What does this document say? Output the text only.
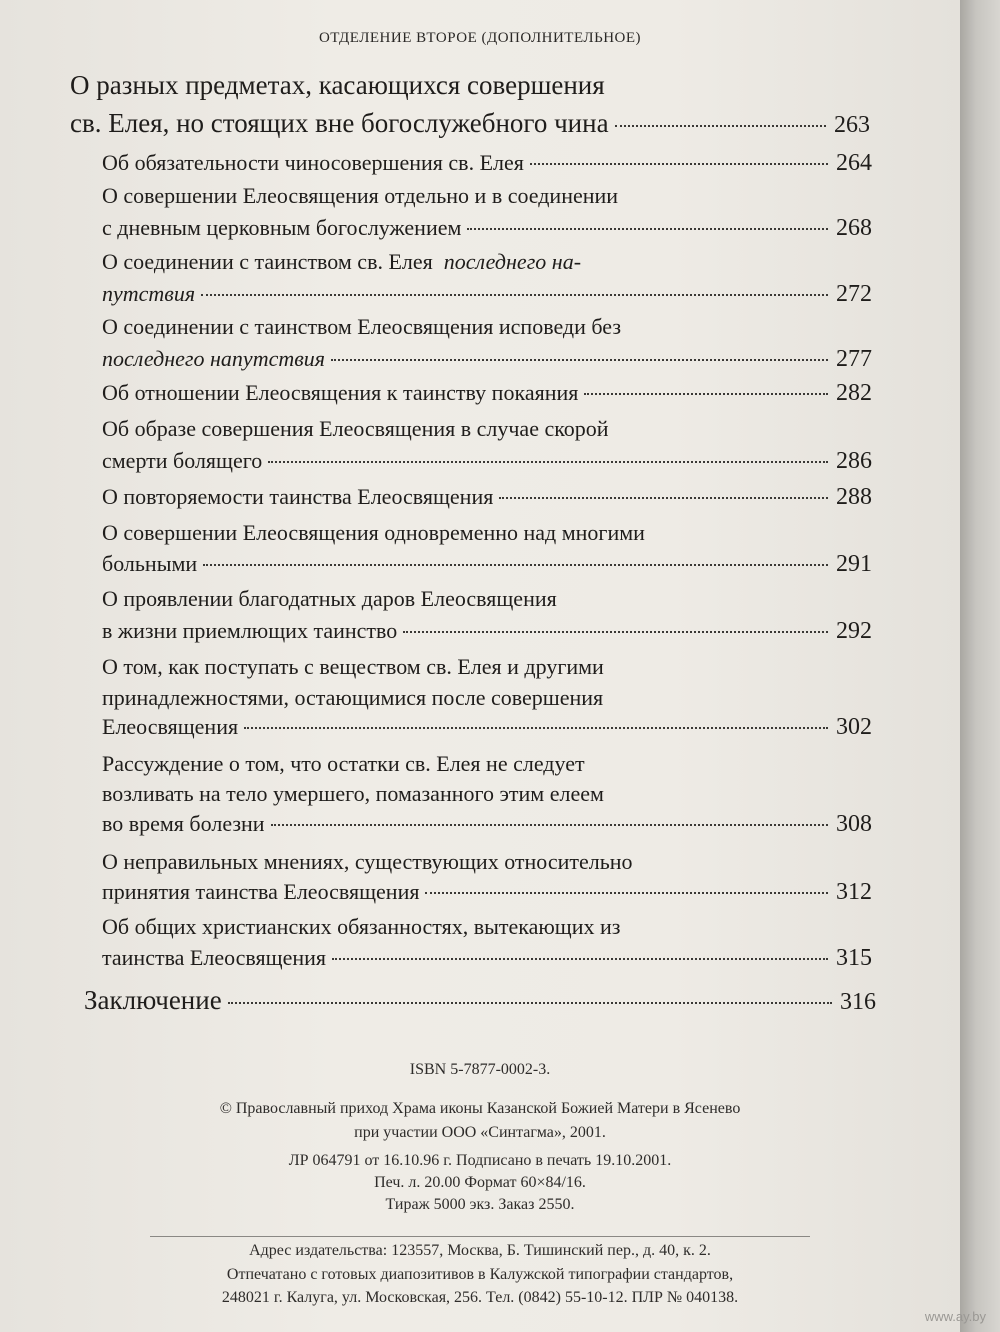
ОТДЕЛЕНИЕ ВТОРОЕ (ДОПОЛНИТЕЛЬНОЕ)
О разных предметах, касающихся совершения
св. Елея, но стоящих вне богослужебного чина	263
Об обязательности чиносовершения св. Елея	264
О совершении Елеосвящения отдельно и в соединении
с дневным церковным богослужением	268
О соединении с таинством св. Елея
последнего на-
путствия	272
О соединении с таинством Елеосвящения исповеди без
последнего напутствия	277
Об отношении Елеосвящения к таинству покаяния	282
Об образе совершения Елеосвящения в случае скорой
смерти болящего	286
О повторяемости таинства Елеосвящения	288
О совершении Елеосвящения одновременно над многими
больными	291
О проявлении благодатных даров Елеосвящения
в жизни приемлющих таинство	292
О том, как поступать с веществом св. Елея и другими
принадлежностями, остающимися после совершения
Елеосвящения	302
Рассуждение о том, что остатки св. Елея не следует
возливать на тело умершего, помазанного этим елеем
во время болезни	308
О неправильных мнениях, существующих относительно
принятия таинства Елеосвящения	312
Об общих христианских обязанностях, вытекающих из
таинства Елеосвящения	315
Заключение	316
ISBN 5-7877-0002-3.
© Православный приход Храма иконы Казанской Божией Матери в Ясенево
при участии ООО «Синтагма», 2001.
ЛР 064791 от 16.10.96 г. Подписано в печать 19.10.2001.
Печ. л. 20.00 Формат 60×84/16.
Тираж 5000 экз. Заказ 2550.
Адрес издательства: 123557, Москва, Б. Тишинский пер., д. 40, к. 2.
Отпечатано с готовых диапозитивов в Калужской типографии стандартов,
248021 г. Калуга, ул. Московская, 256. Тел. (0842) 55-10-12. ПЛР № 040138.
www.ay.by
